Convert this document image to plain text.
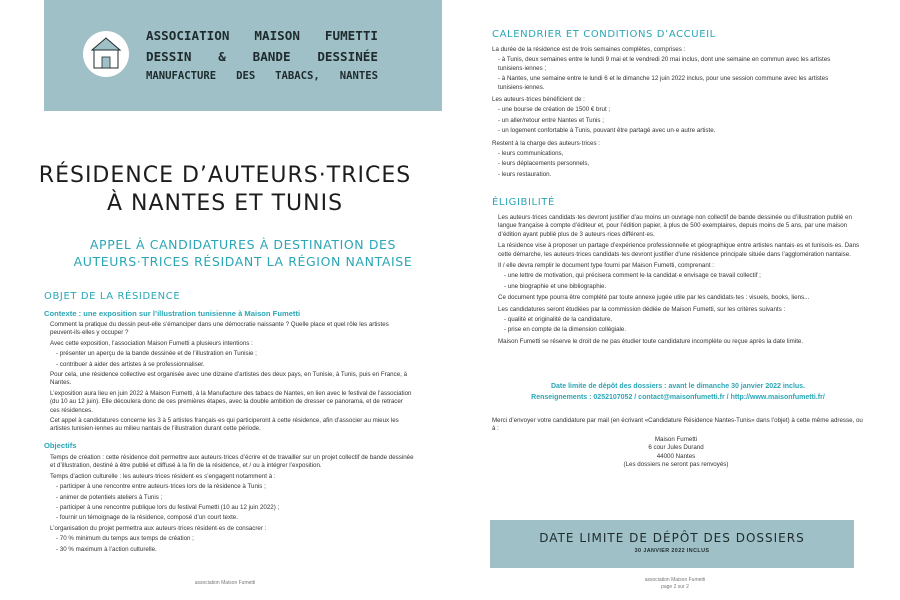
ASSOCIATION MAISON FUMETTI
DESSIN & BANDE DESSINÉE
MANUFACTURE DES TABACS, NANTES
RÉSIDENCE D’AUTEURS·TRICES
À NANTES ET TUNIS
APPEL À CANDIDATURES À DESTINATION DES
AUTEURS·TRICES RÉSIDANT LA RÉGION NANTAISE
OBJET DE LA RÉSIDENCE
Contexte : une exposition sur l’illustration tunisienne à Maison Fumetti

Comment la pratique du dessin peut-elle s’émanciper dans une démocratie naissante ? Quelle place et quel rôle les artistes peuvent-ils·elles y occuper ?

Avec cette exposition, l’association Maison Fumetti a plusieurs intentions :

- présenter un aperçu de la bande dessinée et de l’illustration en Tunisie ;

- contribuer à aider des artistes à se professionnaliser.

Pour cela, une résidence collective est organisée avec une dizaine d’artistes des deux pays, en Tunisie, à Tunis, puis en France, à Nantes.

L’exposition aura lieu en juin 2022 à Maison Fumetti, à la Manufacture des tabacs de Nantes, en lien avec le festival de l’association (du 10 au 12 juin). Elle découlera donc de ces premières étapes, avec la double ambition de dresser ce panorama, et de retracer ces résidences.

Cet appel à candidatures concerne les 3 à 5 artistes français·es qui participeront à cette résidence, afin d’associer au mieux les artistes tunisien·iennes au milieu nantais de l’illustration durant cette période.

Objectifs

Temps de création : cette résidence doit permettre aux auteurs·trices d’écrire et de travailler sur un projet collectif de bande dessinée et d’illustration, destiné à être publié et diffusé à la fin de la résidence, et / ou à intégrer l’exposition.

Temps d’action culturelle : les auteurs·trices résident·es s’engagent notamment à :

- participer à une rencontre entre auteurs·trices lors de la résidence à Tunis ;

- animer de potentiels ateliers à Tunis ;

- participer à une rencontre publique lors du festival Fumetti (10 au 12 juin 2022) ;

- fournir un témoignage de la résidence, composé d’un court texte.

L’organisation du projet permettra aux auteurs·trices résident·es de consacrer :

- 70 % minimum du temps aux temps de création ;

- 30 % maximum à l’action culturelle.

association Maison Fumetti
CALENDRIER ET CONDITIONS D’ACCUEIL

La durée de la résidence est de trois semaines complètes, comprises :

- à Tunis, deux semaines entre le lundi 9 mai et le vendredi 20 mai inclus, dont une semaine en commun avec les artistes tunisiens·iennes ;

- à Nantes, une semaine entre le lundi 6 et le dimanche 12 juin 2022 inclus, pour une session commune avec les artistes tunisiens·iennes.

Les auteurs·trices bénéficient de :

- une bourse de création de 1500 € brut ;

- un aller/retour entre Nantes et Tunis ;

- un logement confortable à Tunis, pouvant être partagé avec un·e autre artiste.

Restent à la charge des auteurs·trices :

- leurs communications,

- leurs déplacements personnels,

- leurs restauration.

ÉLIGIBILITÉ

Les auteurs·trices candidats·tes devront justifier d’au moins un ouvrage non collectif de bande dessinée ou d’illustration publié en langue française à compte d’éditeur et, pour l’édition papier, à plus de 500 exemplaires, depuis moins de 5 ans, par une maison d’édition ayant publié plus de 3 auteurs·rices différent·es.

La résidence vise à proposer un partage d’expérience professionnelle et géographique entre artistes nantais·es et tunisois·es. Dans cette démarche, les auteurs·trices candidats·tes devront justifier d’une résidence principale située dans l’agglomération nantaise.

Il / elle devra remplir le document type fourni par Maison Fumetti, comprenant :

- une lettre de motivation, qui précisera comment le·la candidat·e envisage ce travail collectif ;

- une biographie et une bibliographie.

Ce document type pourra être complété par toute annexe jugée utile par les candidats·tes : visuels, books, liens...

Les candidatures seront étudiées par la commission dédiée de Maison Fumetti, sur les critères suivants :

- qualité et originalité de la candidature,

- prise en compte de la dimension collégiale.

Maison Fumetti se réserve le droit de ne pas étudier toute candidature incomplète ou reçue après la date limite.

Date limite de dépôt des dossiers : avant le dimanche 30 janvier 2022 inclus.
Renseignements : 0252107052 / contact@maisonfumetti.fr / http://www.maisonfumetti.fr/
Merci d’envoyer votre candidature par mail (en écrivant «Candidature Résidence Nantes-Tunis» dans l’objet) à cette même adresse, ou à :
Maison Fumetti
6 cour Jules Durand
44000 Nantes
(Les dossiers ne seront pas renvoyés)
DATE LIMITE DE DÉPÔT DES DOSSIERS
30 JANVIER 2022 INCLUS
association Maison Fumetti
page 2 sur 2
